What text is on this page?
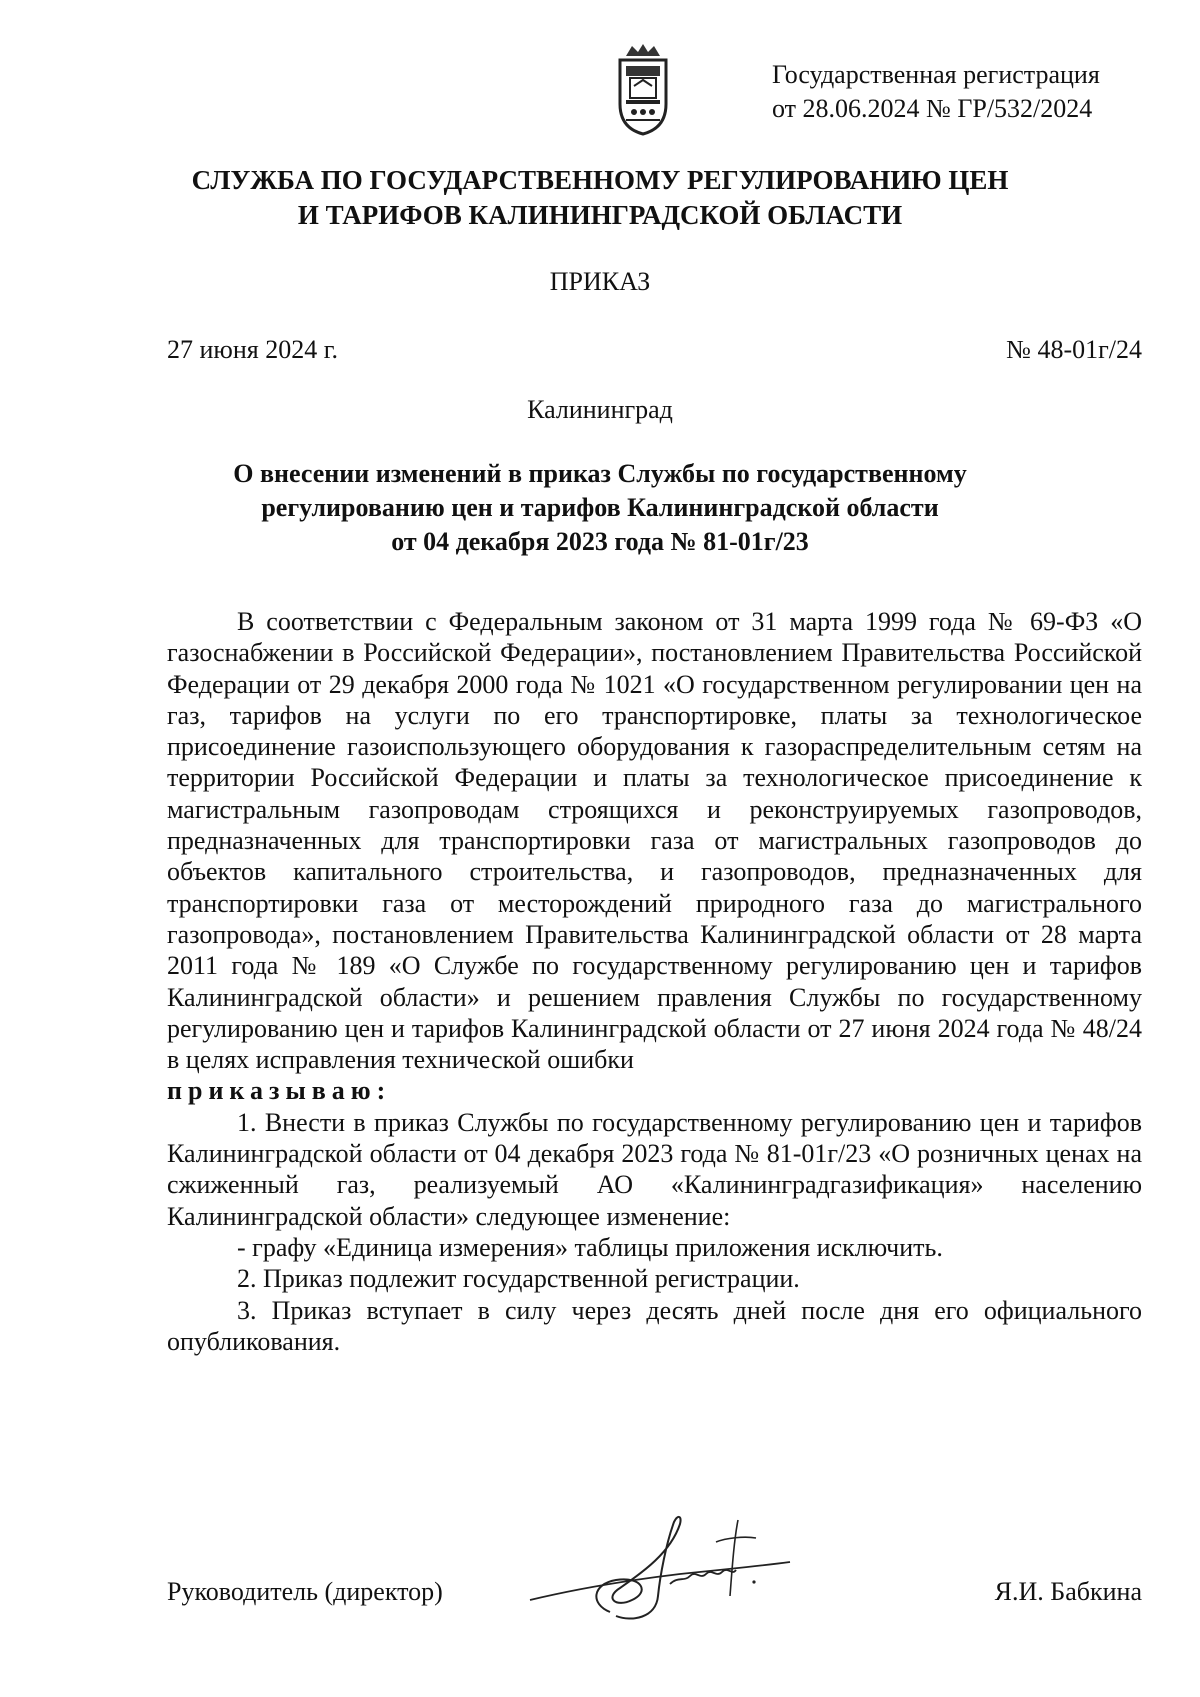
Государственная регистрация
от 28.06.2024 № ГР/532/2024
СЛУЖБА ПО ГОСУДАРСТВЕННОМУ РЕГУЛИРОВАНИЮ ЦЕН
И ТАРИФОВ КАЛИНИНГРАДСКОЙ ОБЛАСТИ
ПРИКАЗ
27 июня 2024 г.	№ 48-01г/24
Калининград
О внесении изменений в приказ Службы по государственному
регулированию цен и тарифов Калининградской области
от 04 декабря 2023 года № 81-01г/23

В соответствии с Федеральным законом от 31 марта 1999 года № 69-ФЗ «О газоснабжении в Российской Федерации», постановлением Правительства Российской Федерации от 29 декабря 2000 года № 1021 «О государственном регулировании цен на газ, тарифов на услуги по его транспортировке, платы за технологическое присоединение газоиспользующего оборудования к газораспределительным сетям на территории Российской Федерации и платы за технологическое присоединение к магистральным газопроводам строящихся и реконструируемых газопроводов, предназначенных для транспортировки газа от магистральных газопроводов до объектов капитального строительства, и газопроводов, предназначенных для транспортировки газа от месторождений природного газа до магистрального газопровода», постановлением Правительства Калининградской области от 28 марта 2011 года № 189 «О Службе по государственному регулированию цен и тарифов Калининградской области» и решением правления Службы по государственному регулированию цен и тарифов Калининградской области от 27 июня 2024 года № 48/24 в целях исправления технической ошибки

приказываю:

1. Внести в приказ Службы по государственному регулированию цен и тарифов Калининградской области от 04 декабря 2023 года № 81-01г/23 «О розничных ценах на сжиженный газ, реализуемый АО «Калининградгазификация» населению Калининградской области» следующее изменение:

- графу «Единица измерения» таблицы приложения исключить.

2. Приказ подлежит государственной регистрации.

3. Приказ вступает в силу через десять дней после дня его официального опубликования.

Руководитель (директор)	Я.И. Бабкина
